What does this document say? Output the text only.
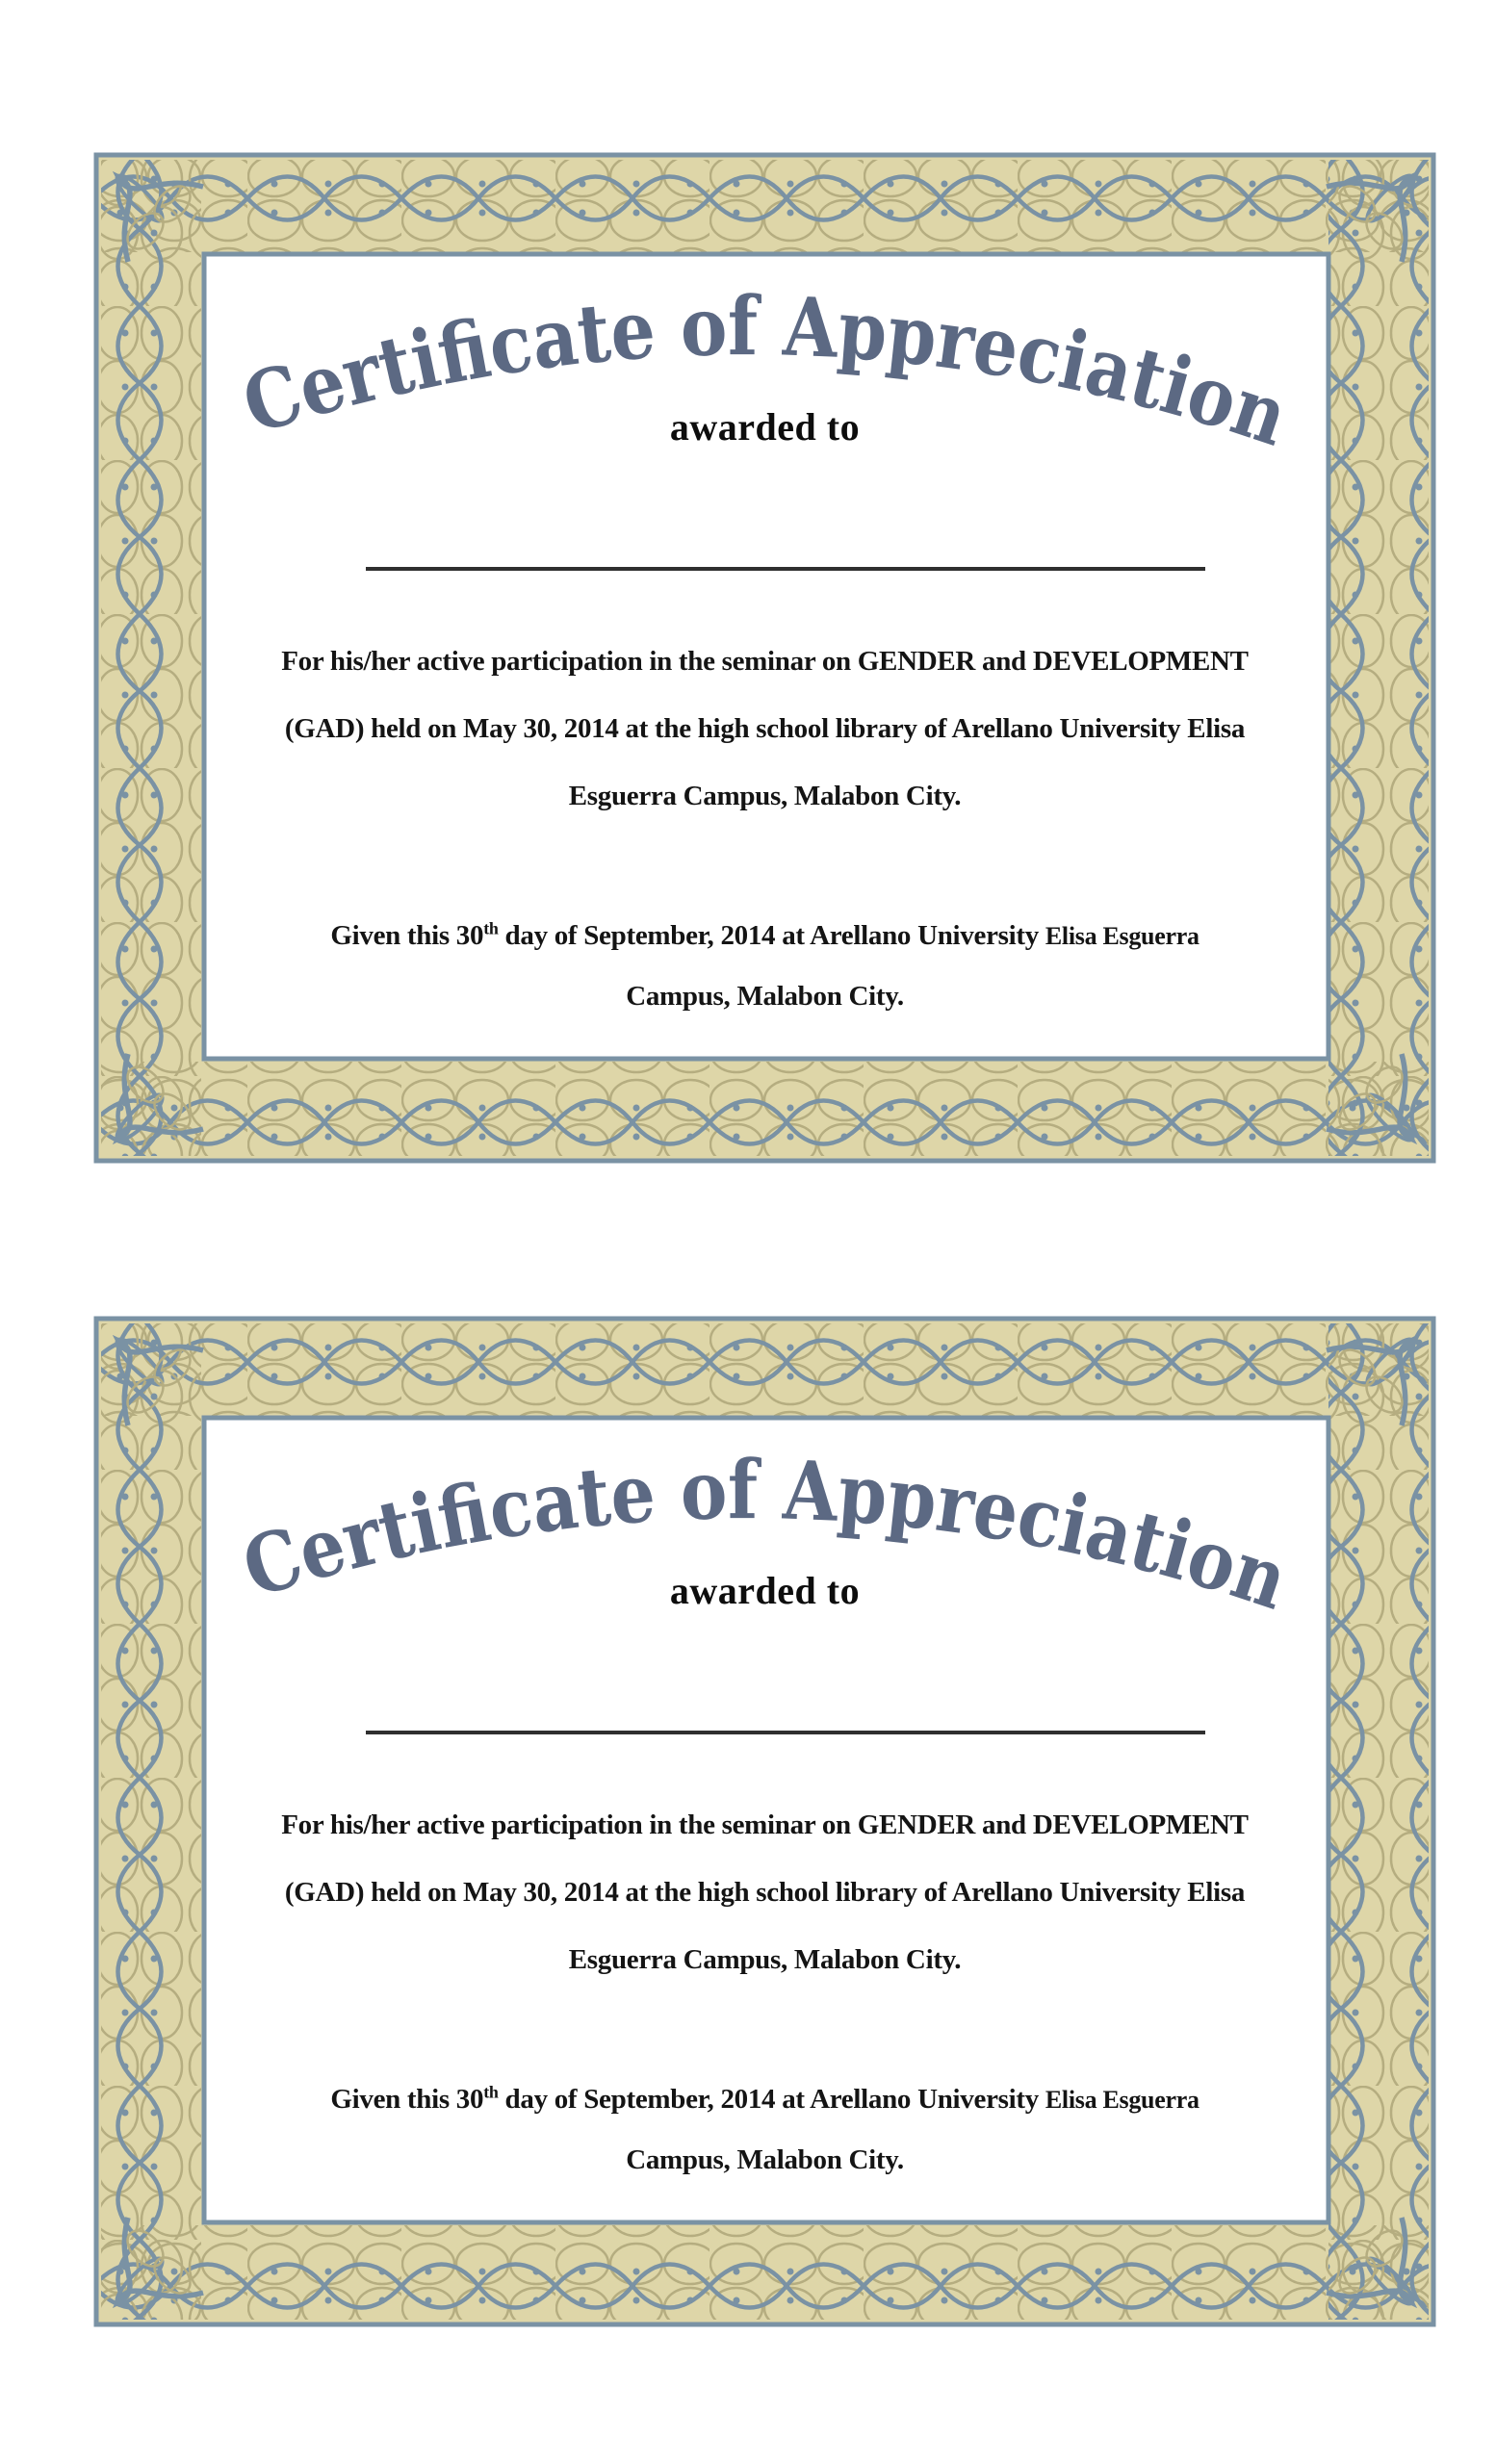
Certificate of Appreciation
awarded to

For his/her active participation in the seminar on GENDER and DEVELOPMENT

(GAD) held on May 30, 2014 at the high school library of Arellano University Elisa

Esguerra Campus, Malabon City.

Given this 30th day of September, 2014 at Arellano University Elisa Esguerra
Campus, Malabon City.
Certificate of Appreciation
awarded to

For his/her active participation in the seminar on GENDER and DEVELOPMENT

(GAD) held on May 30, 2014 at the high school library of Arellano University Elisa

Esguerra Campus, Malabon City.

Given this 30th day of September, 2014 at Arellano University Elisa Esguerra
Campus, Malabon City.
